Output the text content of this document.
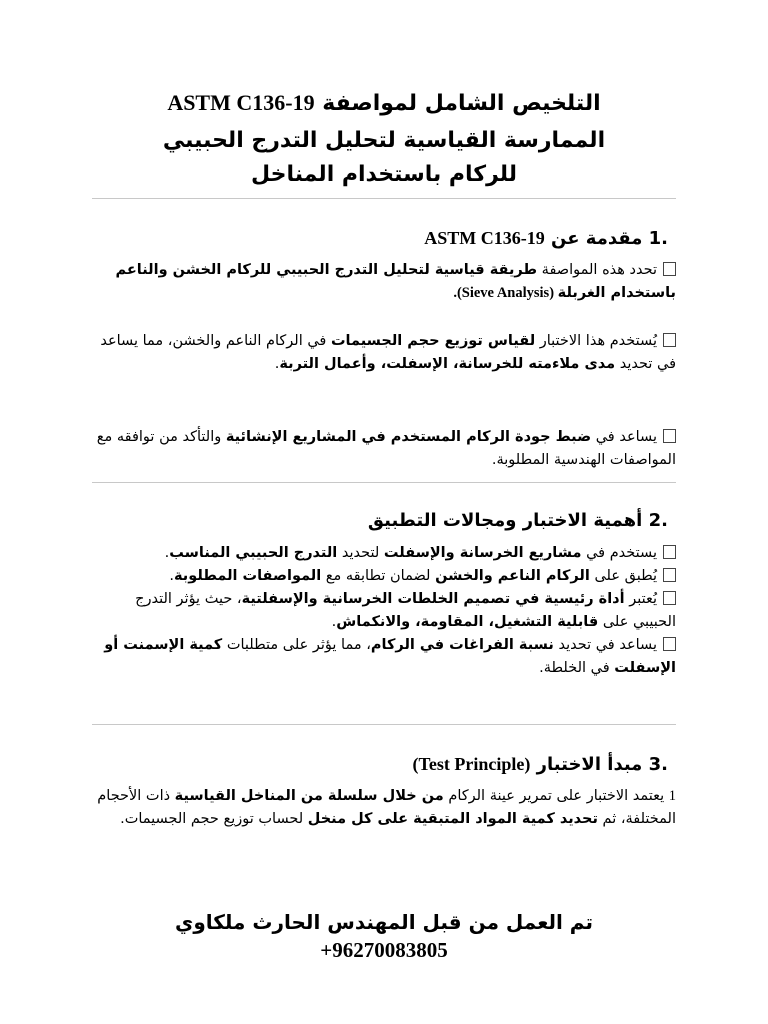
التلخيص الشامل لمواصفة ASTM C136-19
الممارسة القياسية لتحليل التدرج الحبيبي
للركام باستخدام المناخل
.1 مقدمة عن ASTM C136-19
تحدد هذه المواصفة طريقة قياسية لتحليل التدرج الحبيبي للركام الخشن والناعم باستخدام الغربلة (Sieve Analysis).
يُستخدم هذا الاختبار لقياس توزيع حجم الجسيمات في الركام الناعم والخشن، مما يساعد في تحديد مدى ملاءمته للخرسانة، الإسفلت، وأعمال التربة.
يساعد في ضبط جودة الركام المستخدم في المشاريع الإنشائية والتأكد من توافقه مع المواصفات الهندسية المطلوبة.
.2 أهمية الاختبار ومجالات التطبيق
يستخدم في مشاريع الخرسانة والإسفلت لتحديد التدرج الحبيبي المناسب.
يُطبق على الركام الناعم والخشن لضمان تطابقه مع المواصفات المطلوبة.
يُعتبر أداة رئيسية في تصميم الخلطات الخرسانية والإسفلتية، حيث يؤثر التدرج الحبيبي على قابلية التشغيل، المقاومة، والانكماش.
يساعد في تحديد نسبة الفراغات في الركام، مما يؤثر على متطلبات كمية الإسمنت أو الإسفلت في الخلطة.
.3 مبدأ الاختبار (Test Principle)
1 يعتمد الاختبار على تمرير عينة الركام من خلال سلسلة من المناخل القياسية ذات الأحجام المختلفة، ثم تحديد كمية المواد المتبقية على كل منخل لحساب توزيع حجم الجسيمات.
تم العمل من قبل المهندس الحارث ملكاوي
+96270083805
